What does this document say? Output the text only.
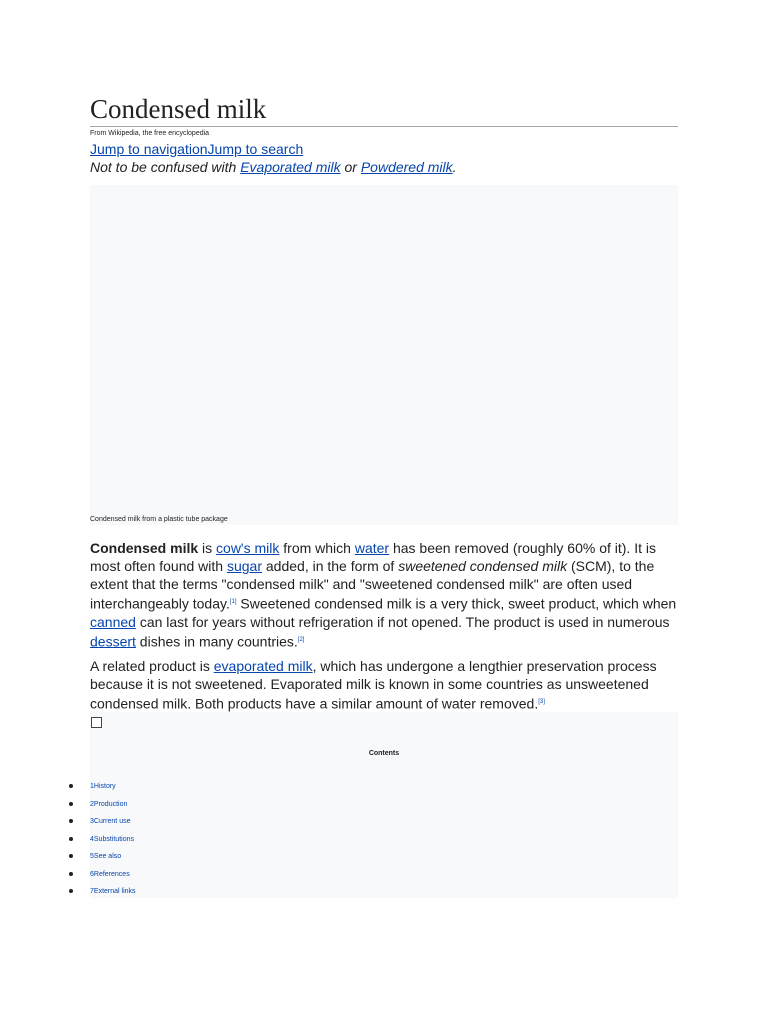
Condensed milk
From Wikipedia, the free encyclopedia
Jump to navigationJump to search
Not to be confused with Evaporated milk or Powdered milk.
Condensed milk from a plastic tube package

Condensed milk is cow's milk from which water has been removed (roughly 60% of it). It is most often found with sugar added, in the form of sweetened condensed milk (SCM), to the extent that the terms "condensed milk" and "sweetened condensed milk" are often used interchangeably today.[1] Sweetened condensed milk is a very thick, sweet product, which when canned can last for years without refrigeration if not opened. The product is used in numerous dessert dishes in many countries.[2]

A related product is evaporated milk, which has undergone a lengthier preservation process because it is not sweetened. Evaporated milk is known in some countries as unsweetened condensed milk. Both products have a similar amount of water removed.[3]

Contents
1History
2Production
3Current use
4Substitutions
5See also
6References
7External links
